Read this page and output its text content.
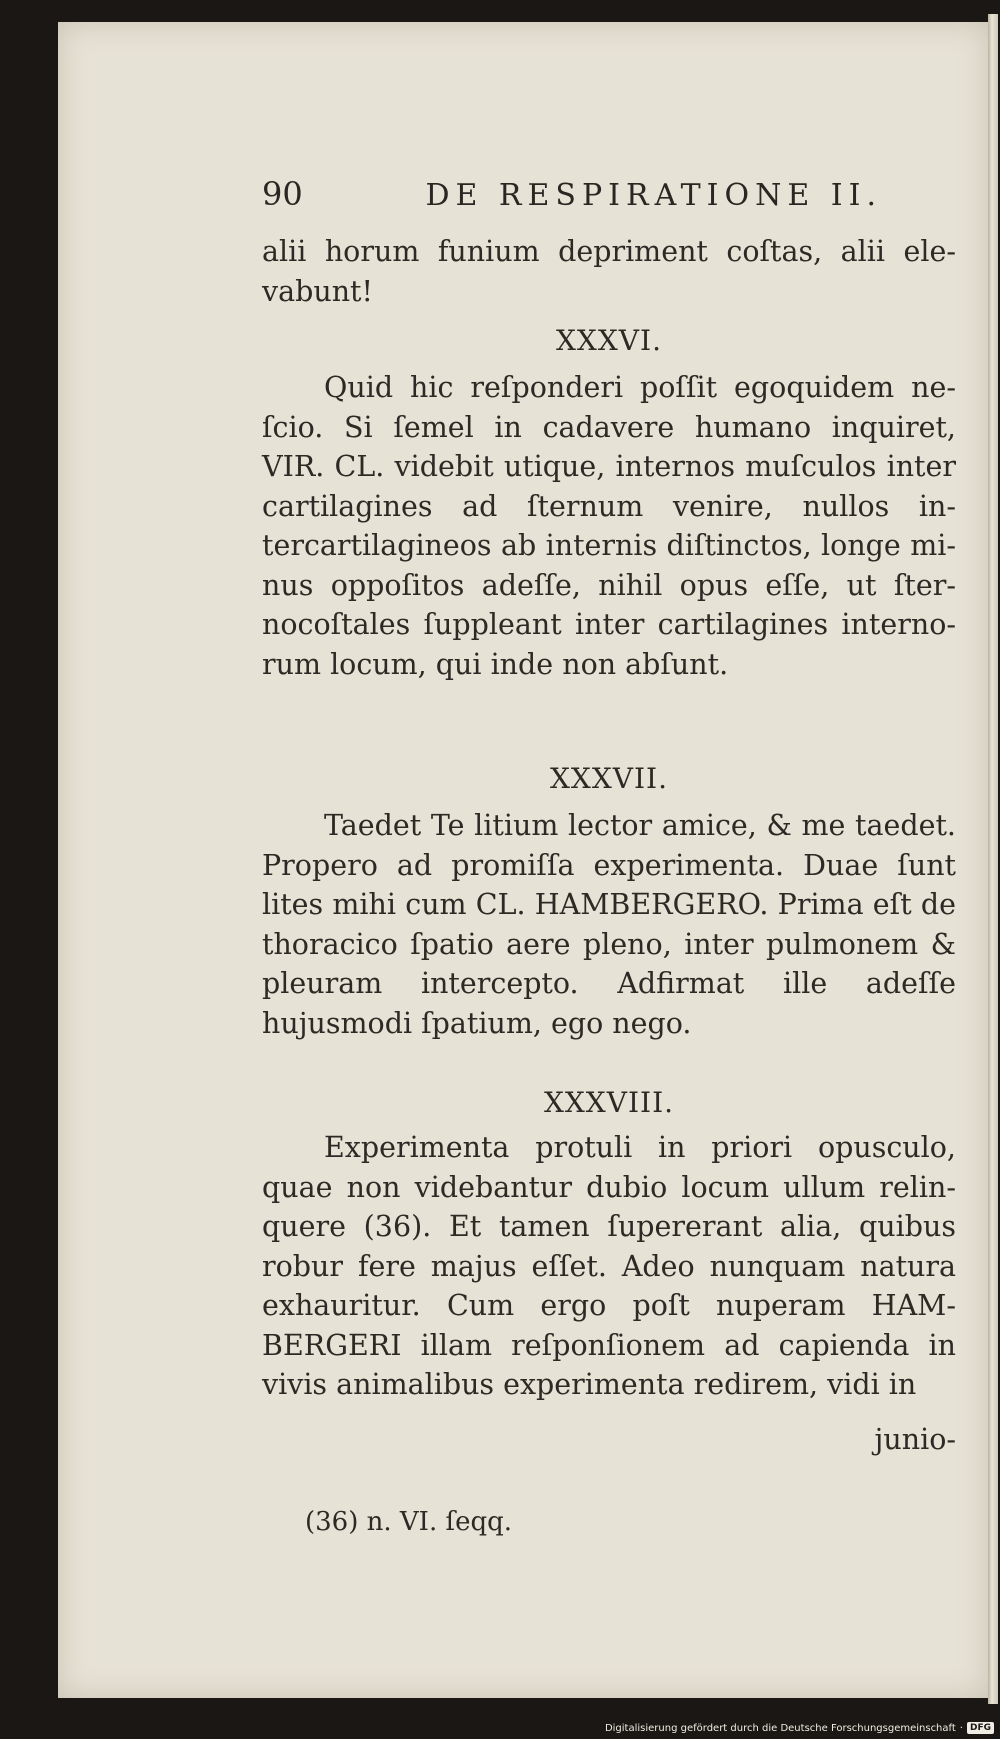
90	DE RESPIRATIONE II.
alii horum funium depriment coſtas, alii elevabunt!
XXXVI.
Quid hic reſponderi poſſit egoquidem neſcio. Si ſemel in cadavere humano inquiret, VIR. CL. videbit utique, internos muſculos inter cartilagines ad ſternum venire, nullos intercartilagineos ab internis diſtinctos, longe minus oppoſitos adeſſe, nihil opus eſſe, ut ſternocoſtales ſuppleant inter cartilagines internorum locum, qui inde non abſunt.
XXXVII.
Taedet Te litium lector amice, & me taedet. Propero ad promiſſa experimenta. Duae ſunt lites mihi cum CL. HAMBERGERO. Prima eſt de thoracico ſpatio aere pleno, inter pulmonem & pleuram intercepto. Adfirmat ille adeſſe hujusmodi ſpatium, ego nego.
XXXVIII.
Experimenta protuli in priori opusculo, quae non videbantur dubio locum ullum relinquere (36). Et tamen ſupererant alia, quibus robur fere majus eſſet. Adeo nunquam natura exhauritur. Cum ergo poſt nuperam HAMBERGERI illam reſponſionem ad capienda in vivis animalibus experimenta redirem, vidi in
junio-
(36) n. VI. ſeqq.
Digitalisierung gefördert durch die Deutsche Forschungsgemeinschaft · DFG
